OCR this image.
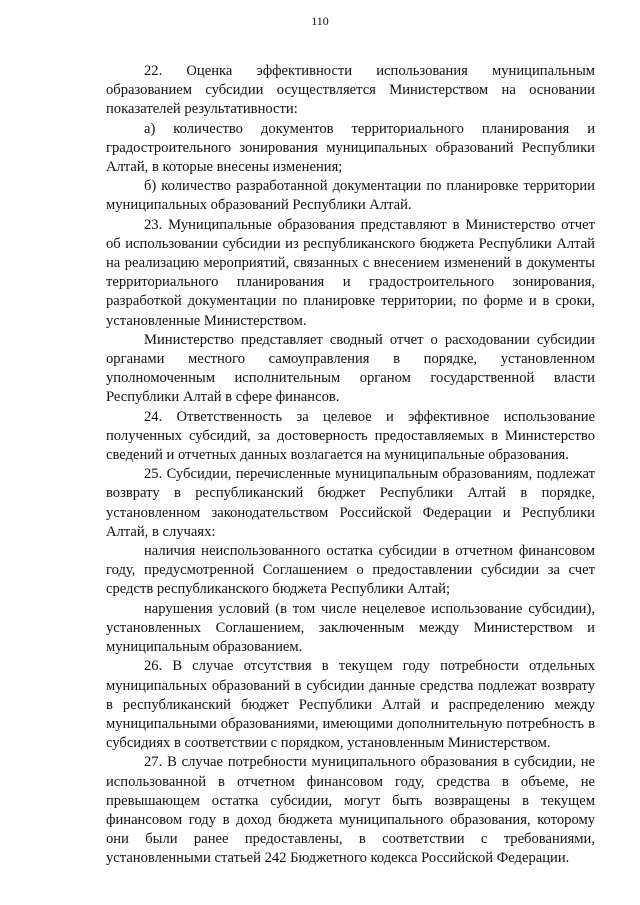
110

22. Оценка эффективности использования муниципальным образованием субсидии осуществляется Министерством на основании показателей результативности:

а) количество документов территориального планирования и градостроительного зонирования муниципальных образований Республики Алтай, в которые внесены изменения;

б) количество разработанной документации по планировке территории муниципальных образований Республики Алтай.

23. Муниципальные образования представляют в Министерство отчет об использовании субсидии из республиканского бюджета Республики Алтай на реализацию мероприятий, связанных с внесением изменений в документы территориального планирования и градостроительного зонирования, разработкой документации по планировке территории, по форме и в сроки, установленные Министерством.

Министерство представляет сводный отчет о расходовании субсидии органами местного самоуправления в порядке, установленном уполномоченным исполнительным органом государственной власти Республики Алтай в сфере финансов.

24. Ответственность за целевое и эффективное использование полученных субсидий, за достоверность предоставляемых в Министерство сведений и отчетных данных возлагается на муниципальные образования.

25. Субсидии, перечисленные муниципальным образованиям, подлежат возврату в республиканский бюджет Республики Алтай в порядке, установленном законодательством Российской Федерации и Республики Алтай, в случаях:

наличия неиспользованного остатка субсидии в отчетном финансовом году, предусмотренной Соглашением о предоставлении субсидии за счет средств республиканского бюджета Республики Алтай;

нарушения условий (в том числе нецелевое использование субсидии), установленных Соглашением, заключенным между Министерством и муниципальным образованием.

26. В случае отсутствия в текущем году потребности отдельных муниципальных образований в субсидии данные средства подлежат возврату в республиканский бюджет Республики Алтай и распределению между муниципальными образованиями, имеющими дополнительную потребность в субсидиях в соответствии с порядком, установленным Министерством.

27. В случае потребности муниципального образования в субсидии, не использованной в отчетном финансовом году, средства в объеме, не превышающем остатка субсидии, могут быть возвращены в текущем финансовом году в доход бюджета муниципального образования, которому они были ранее предоставлены, в соответствии с требованиями, установленными статьей 242 Бюджетного кодекса Российской Федерации.
